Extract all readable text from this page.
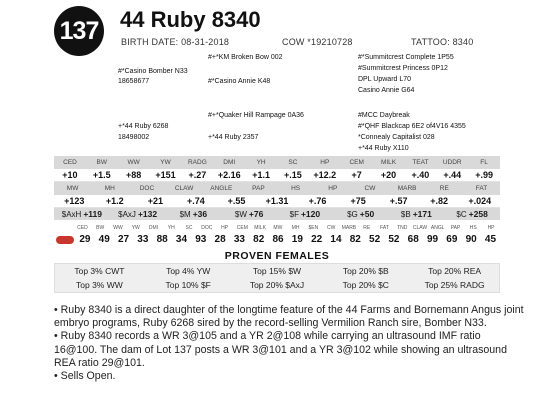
137 44 Ruby 8340
BIRTH DATE: 08-31-2018	COW *19210728	TATTOO: 8340
#+*KM Broken Bow 002
#*Casino Bomber N33
18658677	#*Casino Annie K48
#*Summitcrest Complete 1P55
#Summitcrest Princess 0P12
DPL Upward L70
Casino Annie G64
#+*Quaker Hill Rampage 0A36
+*44 Ruby 6268
18498002	+*44 Ruby 2357
#MCC Daybreak
#*QHF Blackcap 6E2 of4V16 4355
*Connealy Capitalist 028
+*44 Ruby X110
CED	BW	WW	YW	RADG	DMI	YH	SC	HP	CEM	MILK	TEAT	UDDR	FL
+10	+1.5	+88	+151	+.27	+2.16	+1.1	+.15	+12.2	+7	+20	+.40	+.44	+.99
MW	MH	DOC	CLAW	ANGLE	PAP	HS	HP	CW	MARB	RE	FAT
+123	+1.2	+21	+.74	+.55	+1.31	+.76	+75	+.57	+.82	+.024
$AxH +119 $AxJ +132	$M +36	$W +76	$F +120	$G +50	$B +171	$C +258
CED	BW	WW	YW	DMI	YH	SC	DOC	HP	CEM	MILK	MW	MH	$EN	CW	MARB	RE	FAT	TND	CLAW ANGL	PAP	HS	HP
29 49 27 33 88 34 93 28 33 82 86 19 22 14 82 52 52 68 99 69 90 45
PROVEN FEMALES
Top 3% CWT	Top 4% YW	Top 15% $W	Top 20% $B	Top 20% REA
Top 3% WW	Top 10% $F	Top 20% $AxJ	Top 20% $C	Top 25% RADG
• Ruby 8340 is a direct daughter of the longtime feature of the 44 Farms and Bornemann Angus joint embryo programs, Ruby 6268 sired by the record-selling Vermilion Ranch sire, Bomber N33.
• Ruby 8340 records a WR 3@105 and a YR 2@108 while carrying an ultrasound IMF ratio 16@100. The dam of Lot 137 posts a WR 3@101 and a YR 3@102 while showing an ultrasound REA ratio 29@101.
• Sells Open.
